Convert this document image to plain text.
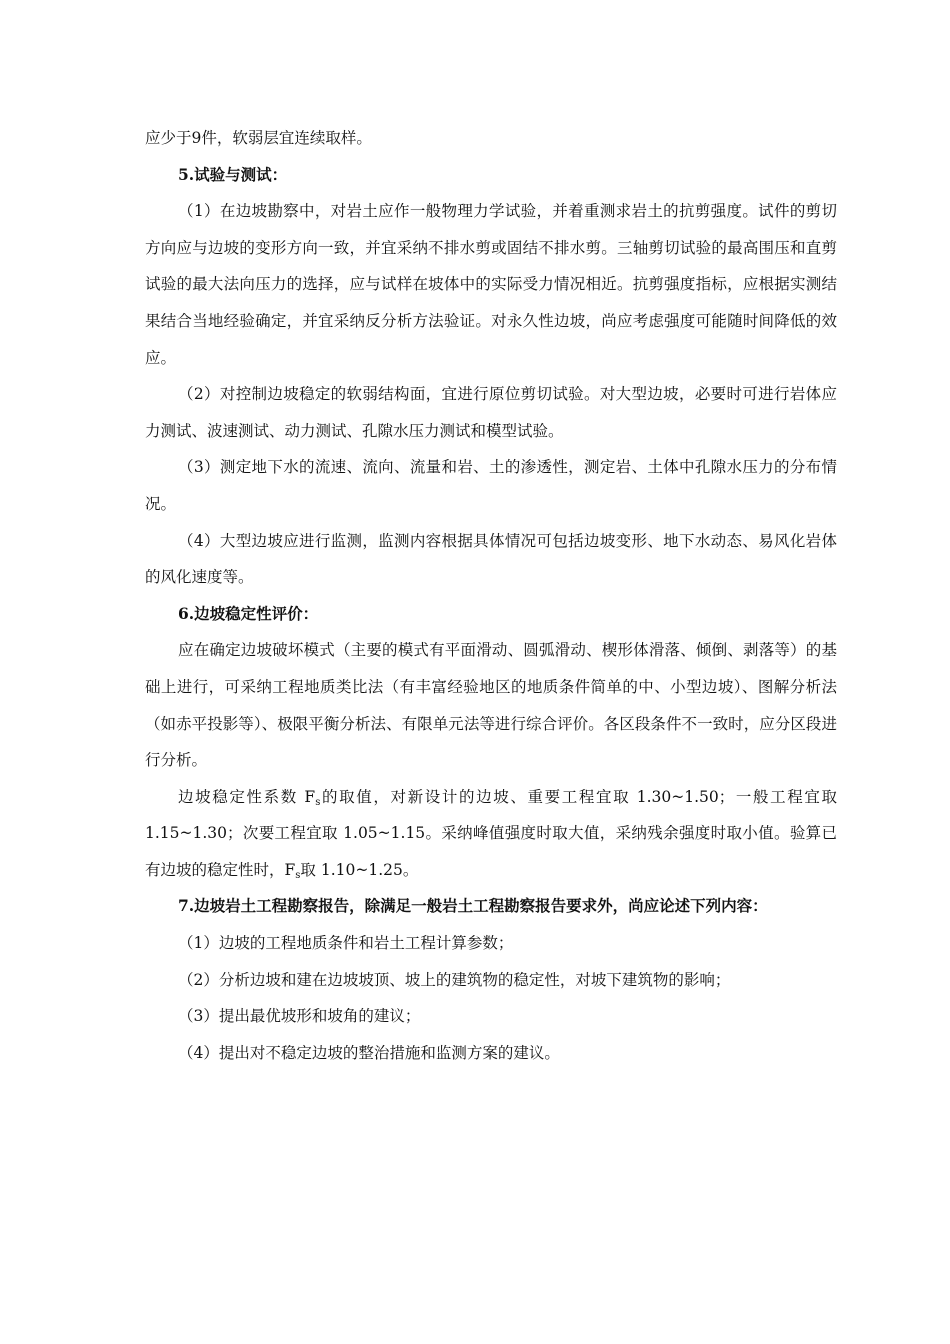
应少于9件，软弱层宜连续取样。

5.试验与测试：

（1）在边坡勘察中，对岩土应作一般物理力学试验，并着重测求岩土的抗剪强度。试件的剪切方向应与边坡的变形方向一致，并宜采纳不排水剪或固结不排水剪。三轴剪切试验的最高围压和直剪试验的最大法向压力的选择，应与试样在坡体中的实际受力情况相近。抗剪强度指标，应根据实测结果结合当地经验确定，并宜采纳反分析方法验证。对永久性边坡，尚应考虑强度可能随时间降低的效应。

（2）对控制边坡稳定的软弱结构面，宜进行原位剪切试验。对大型边坡，必要时可进行岩体应力测试、波速测试、动力测试、孔隙水压力测试和模型试验。

（3）测定地下水的流速、流向、流量和岩、土的渗透性，测定岩、土体中孔隙水压力的分布情况。

（4）大型边坡应进行监测，监测内容根据具体情况可包括边坡变形、地下水动态、易风化岩体的风化速度等。

6.边坡稳定性评价：

应在确定边坡破坏模式（主要的模式有平面滑动、圆弧滑动、楔形体滑落、倾倒、剥落等）的基础上进行，可采纳工程地质类比法（有丰富经验地区的地质条件简单的中、小型边坡）、图解分析法（如赤平投影等）、极限平衡分析法、有限单元法等进行综合评价。各区段条件不一致时，应分区段进行分析。

边坡稳定性系数 $F_s$的取值，对新设计的边坡、重要工程宜取 1.30~1.50；一般工程宜取 1.15~1.30；次要工程宜取 1.05~1.15。采纳峰值强度时取大值，采纳残余强度时取小值。验算已有边坡的稳定性时，$F_s$取 1.10~1.25。

7.边坡岩土工程勘察报告，除满足一般岩土工程勘察报告要求外，尚应论述下列内容：

（1）边坡的工程地质条件和岩土工程计算参数；

（2）分析边坡和建在边坡坡顶、坡上的建筑物的稳定性，对坡下建筑物的影响；

（3）提出最优坡形和坡角的建议；

（4）提出对不稳定边坡的整治措施和监测方案的建议。
